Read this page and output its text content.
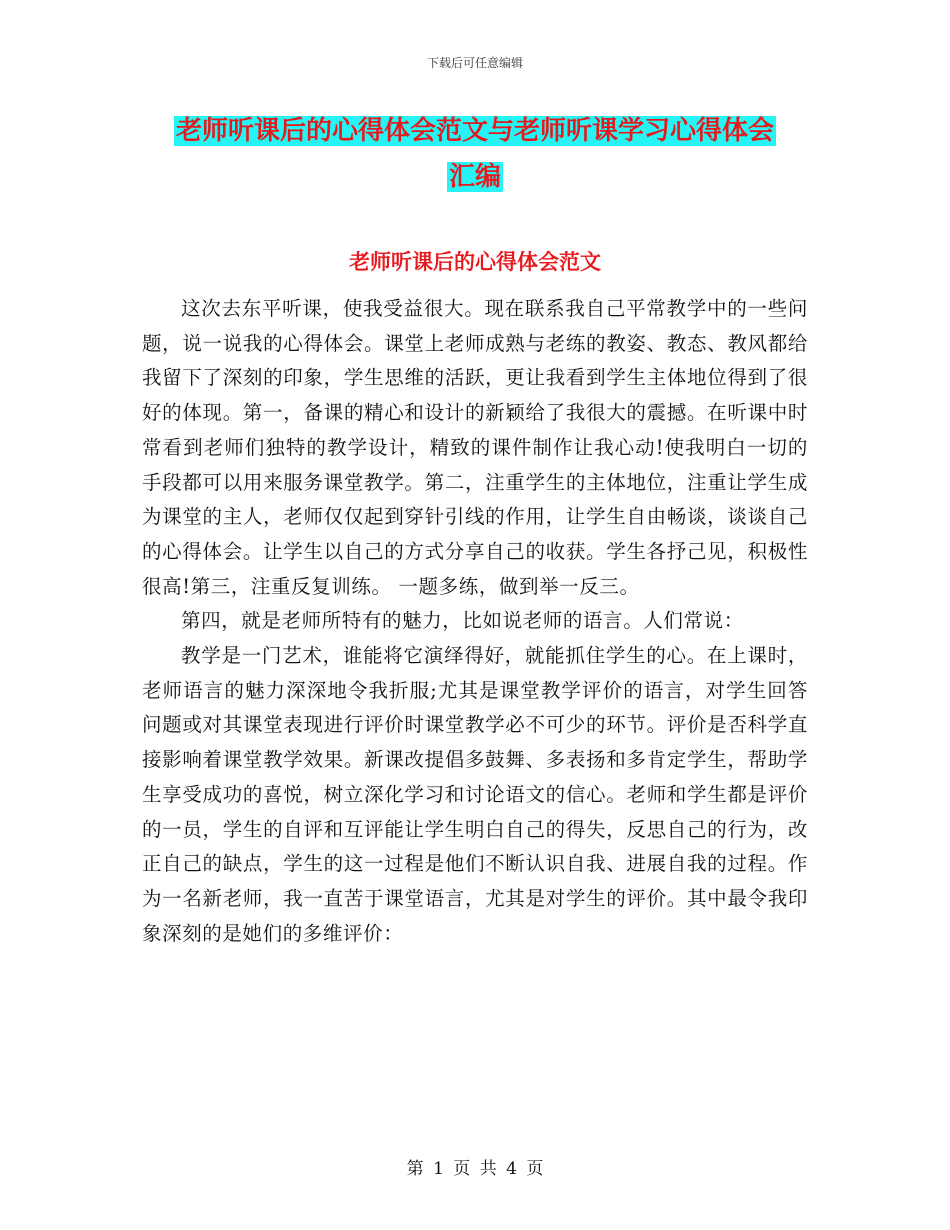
下载后可任意编辑
老师听课后的心得体会范文与老师听课学习心得体会
汇编
老师听课后的心得体会范文

这次去东平听课，使我受益很大。现在联系我自己平常教学中的一些问题，说一说我的心得体会。课堂上老师成熟与老练的教姿、教态、教风都给我留下了深刻的印象，学生思维的活跃，更让我看到学生主体地位得到了很好的体现。第一，备课的精心和设计的新颖给了我很大的震撼。在听课中时常看到老师们独特的教学设计，精致的课件制作让我心动!使我明白一切的手段都可以用来服务课堂教学。第二，注重学生的主体地位，注重让学生成为课堂的主人，老师仅仅起到穿针引线的作用，让学生自由畅谈，谈谈自己的心得体会。让学生以自己的方式分享自己的收获。学生各抒己见，积极性很高!第三，注重反复训练。 一题多练，做到举一反三。

第四，就是老师所特有的魅力，比如说老师的语言。人们常说：

教学是一门艺术，谁能将它演绎得好，就能抓住学生的心。在上课时，老师语言的魅力深深地令我折服;尤其是课堂教学评价的语言，对学生回答问题或对其课堂表现进行评价时课堂教学必不可少的环节。评价是否科学直接影响着课堂教学效果。新课改提倡多鼓舞、多表扬和多肯定学生，帮助学生享受成功的喜悦，树立深化学习和讨论语文的信心。老师和学生都是评价的一员，学生的自评和互评能让学生明白自己的得失，反思自己的行为，改正自己的缺点，学生的这一过程是他们不断认识自我、进展自我的过程。作为一名新老师，我一直苦于课堂语言，尤其是对学生的评价。其中最令我印象深刻的是她们的多维评价：

第 1 页 共 4 页
